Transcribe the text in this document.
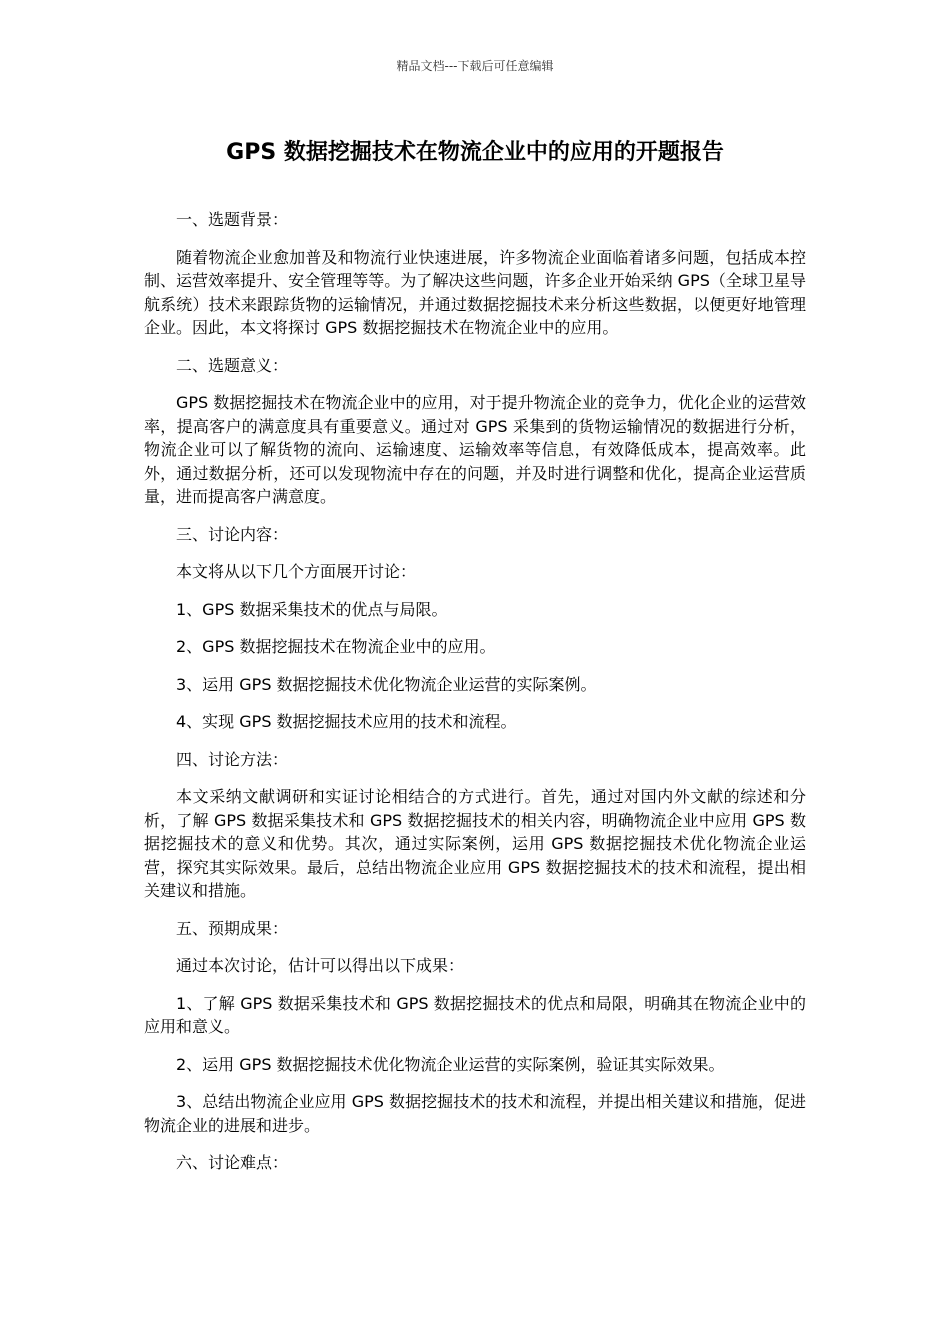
精品文档---下载后可任意编辑
GPS 数据挖掘技术在物流企业中的应用的开题报告

一、选题背景：

随着物流企业愈加普及和物流行业快速进展，许多物流企业面临着诸多问题，包括成本控制、运营效率提升、安全管理等等。为了解决这些问题，许多企业开始采纳 GPS（全球卫星导航系统）技术来跟踪货物的运输情况，并通过数据挖掘技术来分析这些数据，以便更好地管理企业。因此，本文将探讨 GPS 数据挖掘技术在物流企业中的应用。

二、选题意义：

GPS 数据挖掘技术在物流企业中的应用，对于提升物流企业的竞争力，优化企业的运营效率，提高客户的满意度具有重要意义。通过对 GPS 采集到的货物运输情况的数据进行分析，物流企业可以了解货物的流向、运输速度、运输效率等信息，有效降低成本，提高效率。此外，通过数据分析，还可以发现物流中存在的问题，并及时进行调整和优化，提高企业运营质量，进而提高客户满意度。

三、讨论内容：

本文将从以下几个方面展开讨论：

1、GPS 数据采集技术的优点与局限。

2、GPS 数据挖掘技术在物流企业中的应用。

3、运用 GPS 数据挖掘技术优化物流企业运营的实际案例。

4、实现 GPS 数据挖掘技术应用的技术和流程。

四、讨论方法：

本文采纳文献调研和实证讨论相结合的方式进行。首先，通过对国内外文献的综述和分析，了解 GPS 数据采集技术和 GPS 数据挖掘技术的相关内容，明确物流企业中应用 GPS 数据挖掘技术的意义和优势。其次，通过实际案例，运用 GPS 数据挖掘技术优化物流企业运营，探究其实际效果。最后，总结出物流企业应用 GPS 数据挖掘技术的技术和流程，提出相关建议和措施。

五、预期成果：

通过本次讨论，估计可以得出以下成果：

1、了解 GPS 数据采集技术和 GPS 数据挖掘技术的优点和局限，明确其在物流企业中的应用和意义。

2、运用 GPS 数据挖掘技术优化物流企业运营的实际案例，验证其实际效果。

3、总结出物流企业应用 GPS 数据挖掘技术的技术和流程，并提出相关建议和措施，促进物流企业的进展和进步。

六、讨论难点：
